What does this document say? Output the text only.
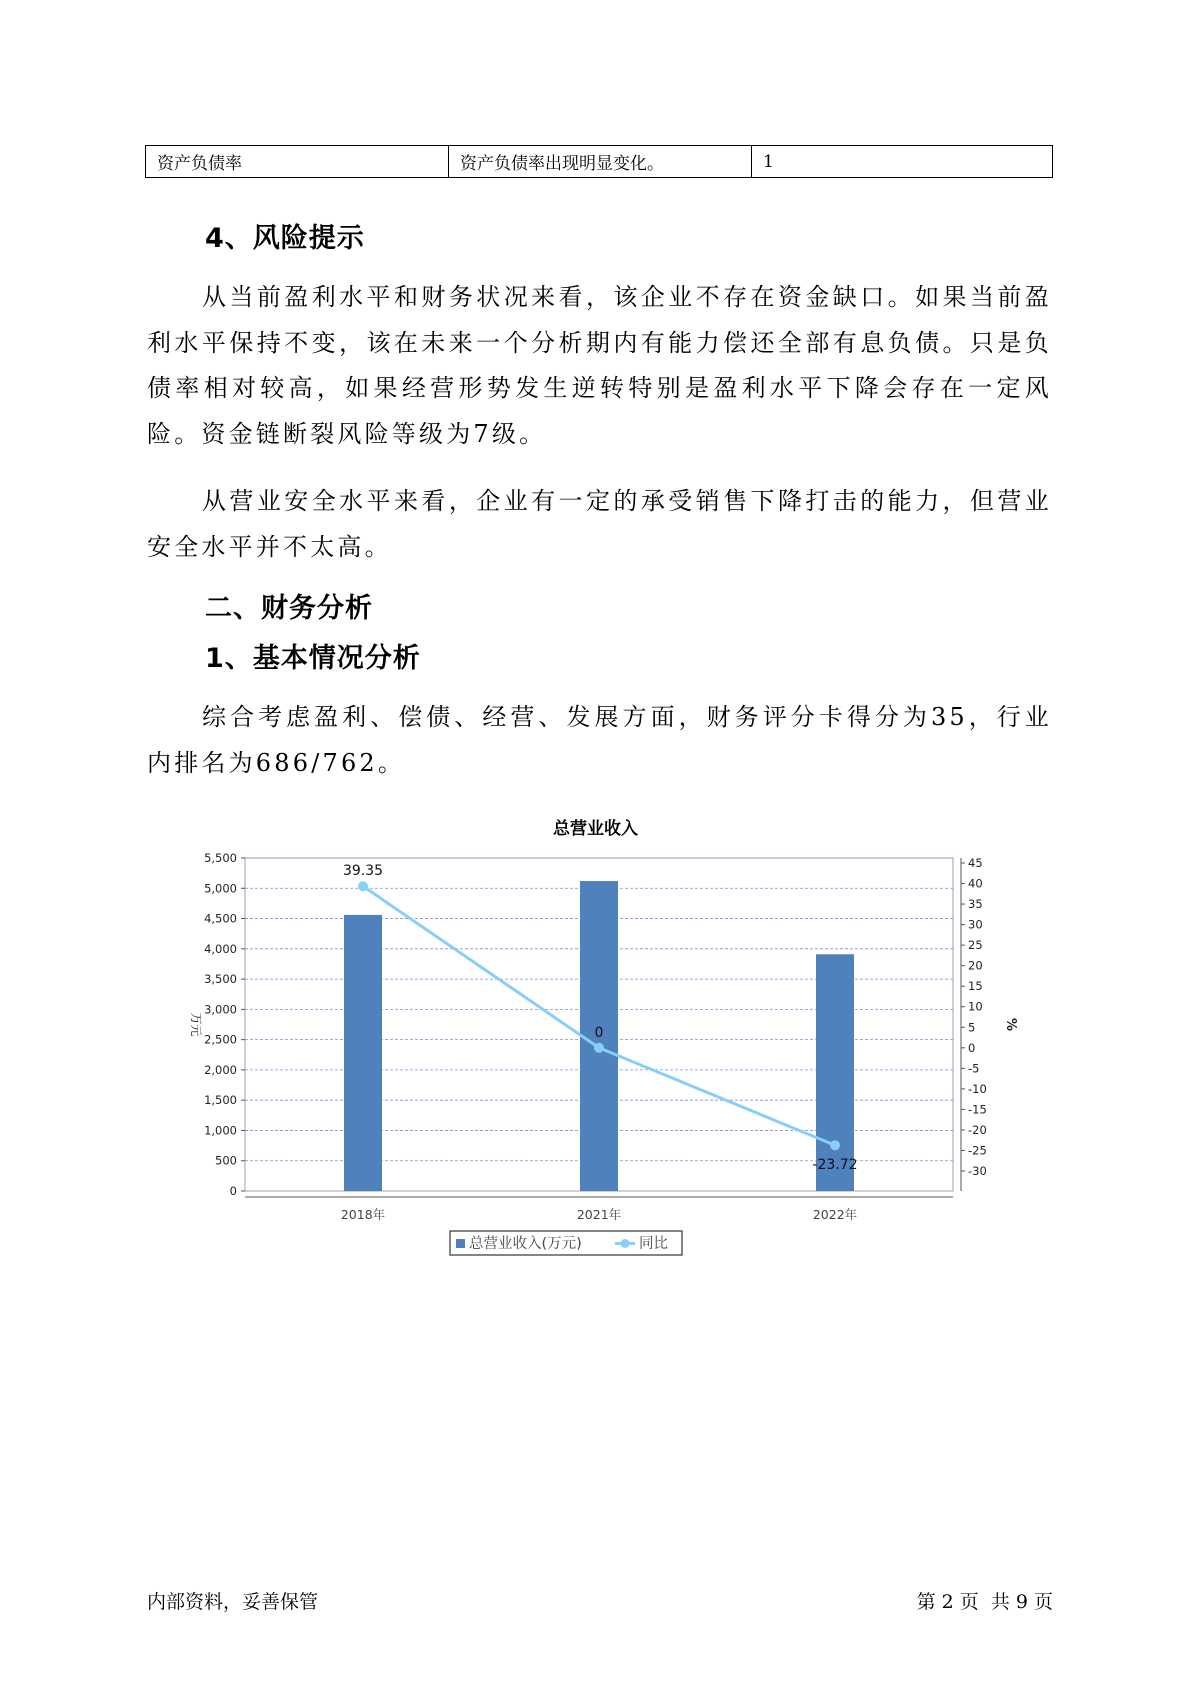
资产负债率	资产负债率出现明显变化。	1
4、风险提示
从当前盈利水平和财务状况来看，该企业不存在资金缺口。如果当前盈利水平保持不变，该在未来一个分析期内有能力偿还全部有息负债。只是负债率相对较高，如果经营形势发生逆转特别是盈利水平下降会存在一定风险。资金链断裂风险等级为7级。
从营业安全水平来看，企业有一定的承受销售下降打击的能力，但营业安全水平并不太高。
二、财务分析
1、基本情况分析
综合考虑盈利、偿债、经营、发展方面，财务评分卡得分为35，行业内排名为686/762。
总营业收入
0
500
1,000
1,500
2,000
2,500
3,000
3,500
4,000
4,500
5,000
5,500
-30
-25
-20
-15
-10
-5
0
5
10
15
20
25
30
35
40
45
万元	%
2018年	2021年	2022年
39.35
0
-23.72
总营业收入(万元)	同比
内部资料，妥善保管	第 2 页  共 9 页
